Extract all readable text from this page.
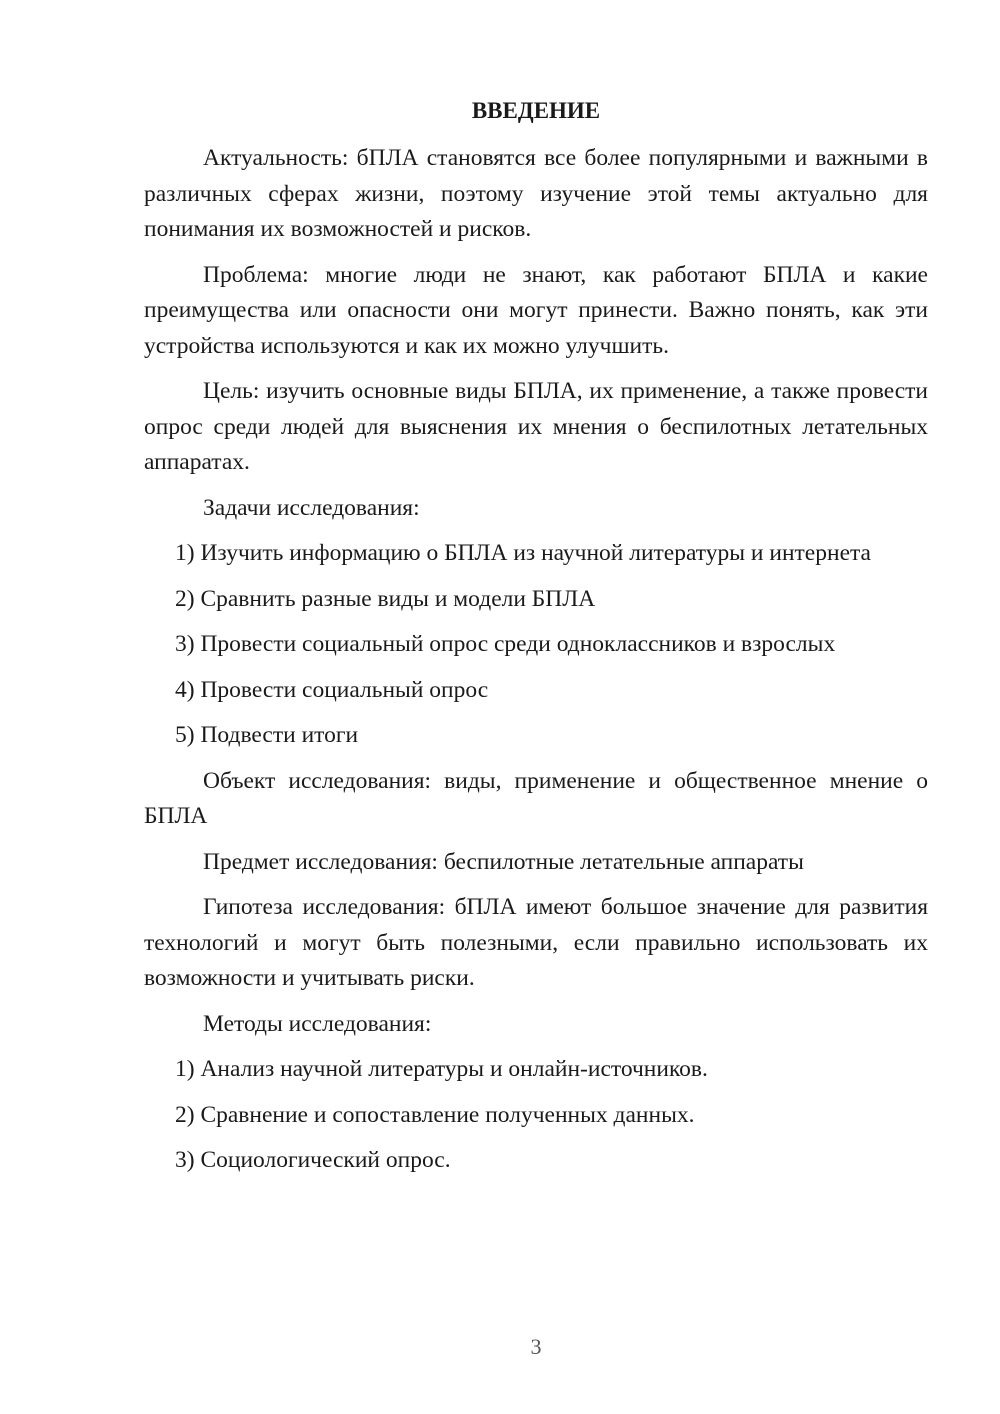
ВВЕДЕНИЕ

Актуальность: бПЛА становятся все более популярными и важными в различных сферах жизни, поэтому изучение этой темы актуально для понимания их возможностей и рисков.

Проблема: многие люди не знают, как работают БПЛА и какие преимущества или опасности они могут принести. Важно понять, как эти устройства используются и как их можно улучшить.

Цель: изучить основные виды БПЛА, их применение, а также провести опрос среди людей для выяснения их мнения о беспилотных летательных аппаратах.

Задачи исследования:

1) Изучить информацию о БПЛА из научной литературы и интернета
2) Сравнить разные виды и модели БПЛА
3) Провести социальный опрос среди одноклассников и взрослых
4) Провести социальный опрос
5) Подвести итоги

Объект исследования: виды, применение и общественное мнение о БПЛА

Предмет исследования: беспилотные летательные аппараты

Гипотеза исследования: бПЛА имеют большое значение для развития технологий и могут быть полезными, если правильно использовать их возможности и учитывать риски.

Методы исследования:

1) Анализ научной литературы и онлайн-источников.
2) Сравнение и сопоставление полученных данных.
3) Социологический опрос.
3
